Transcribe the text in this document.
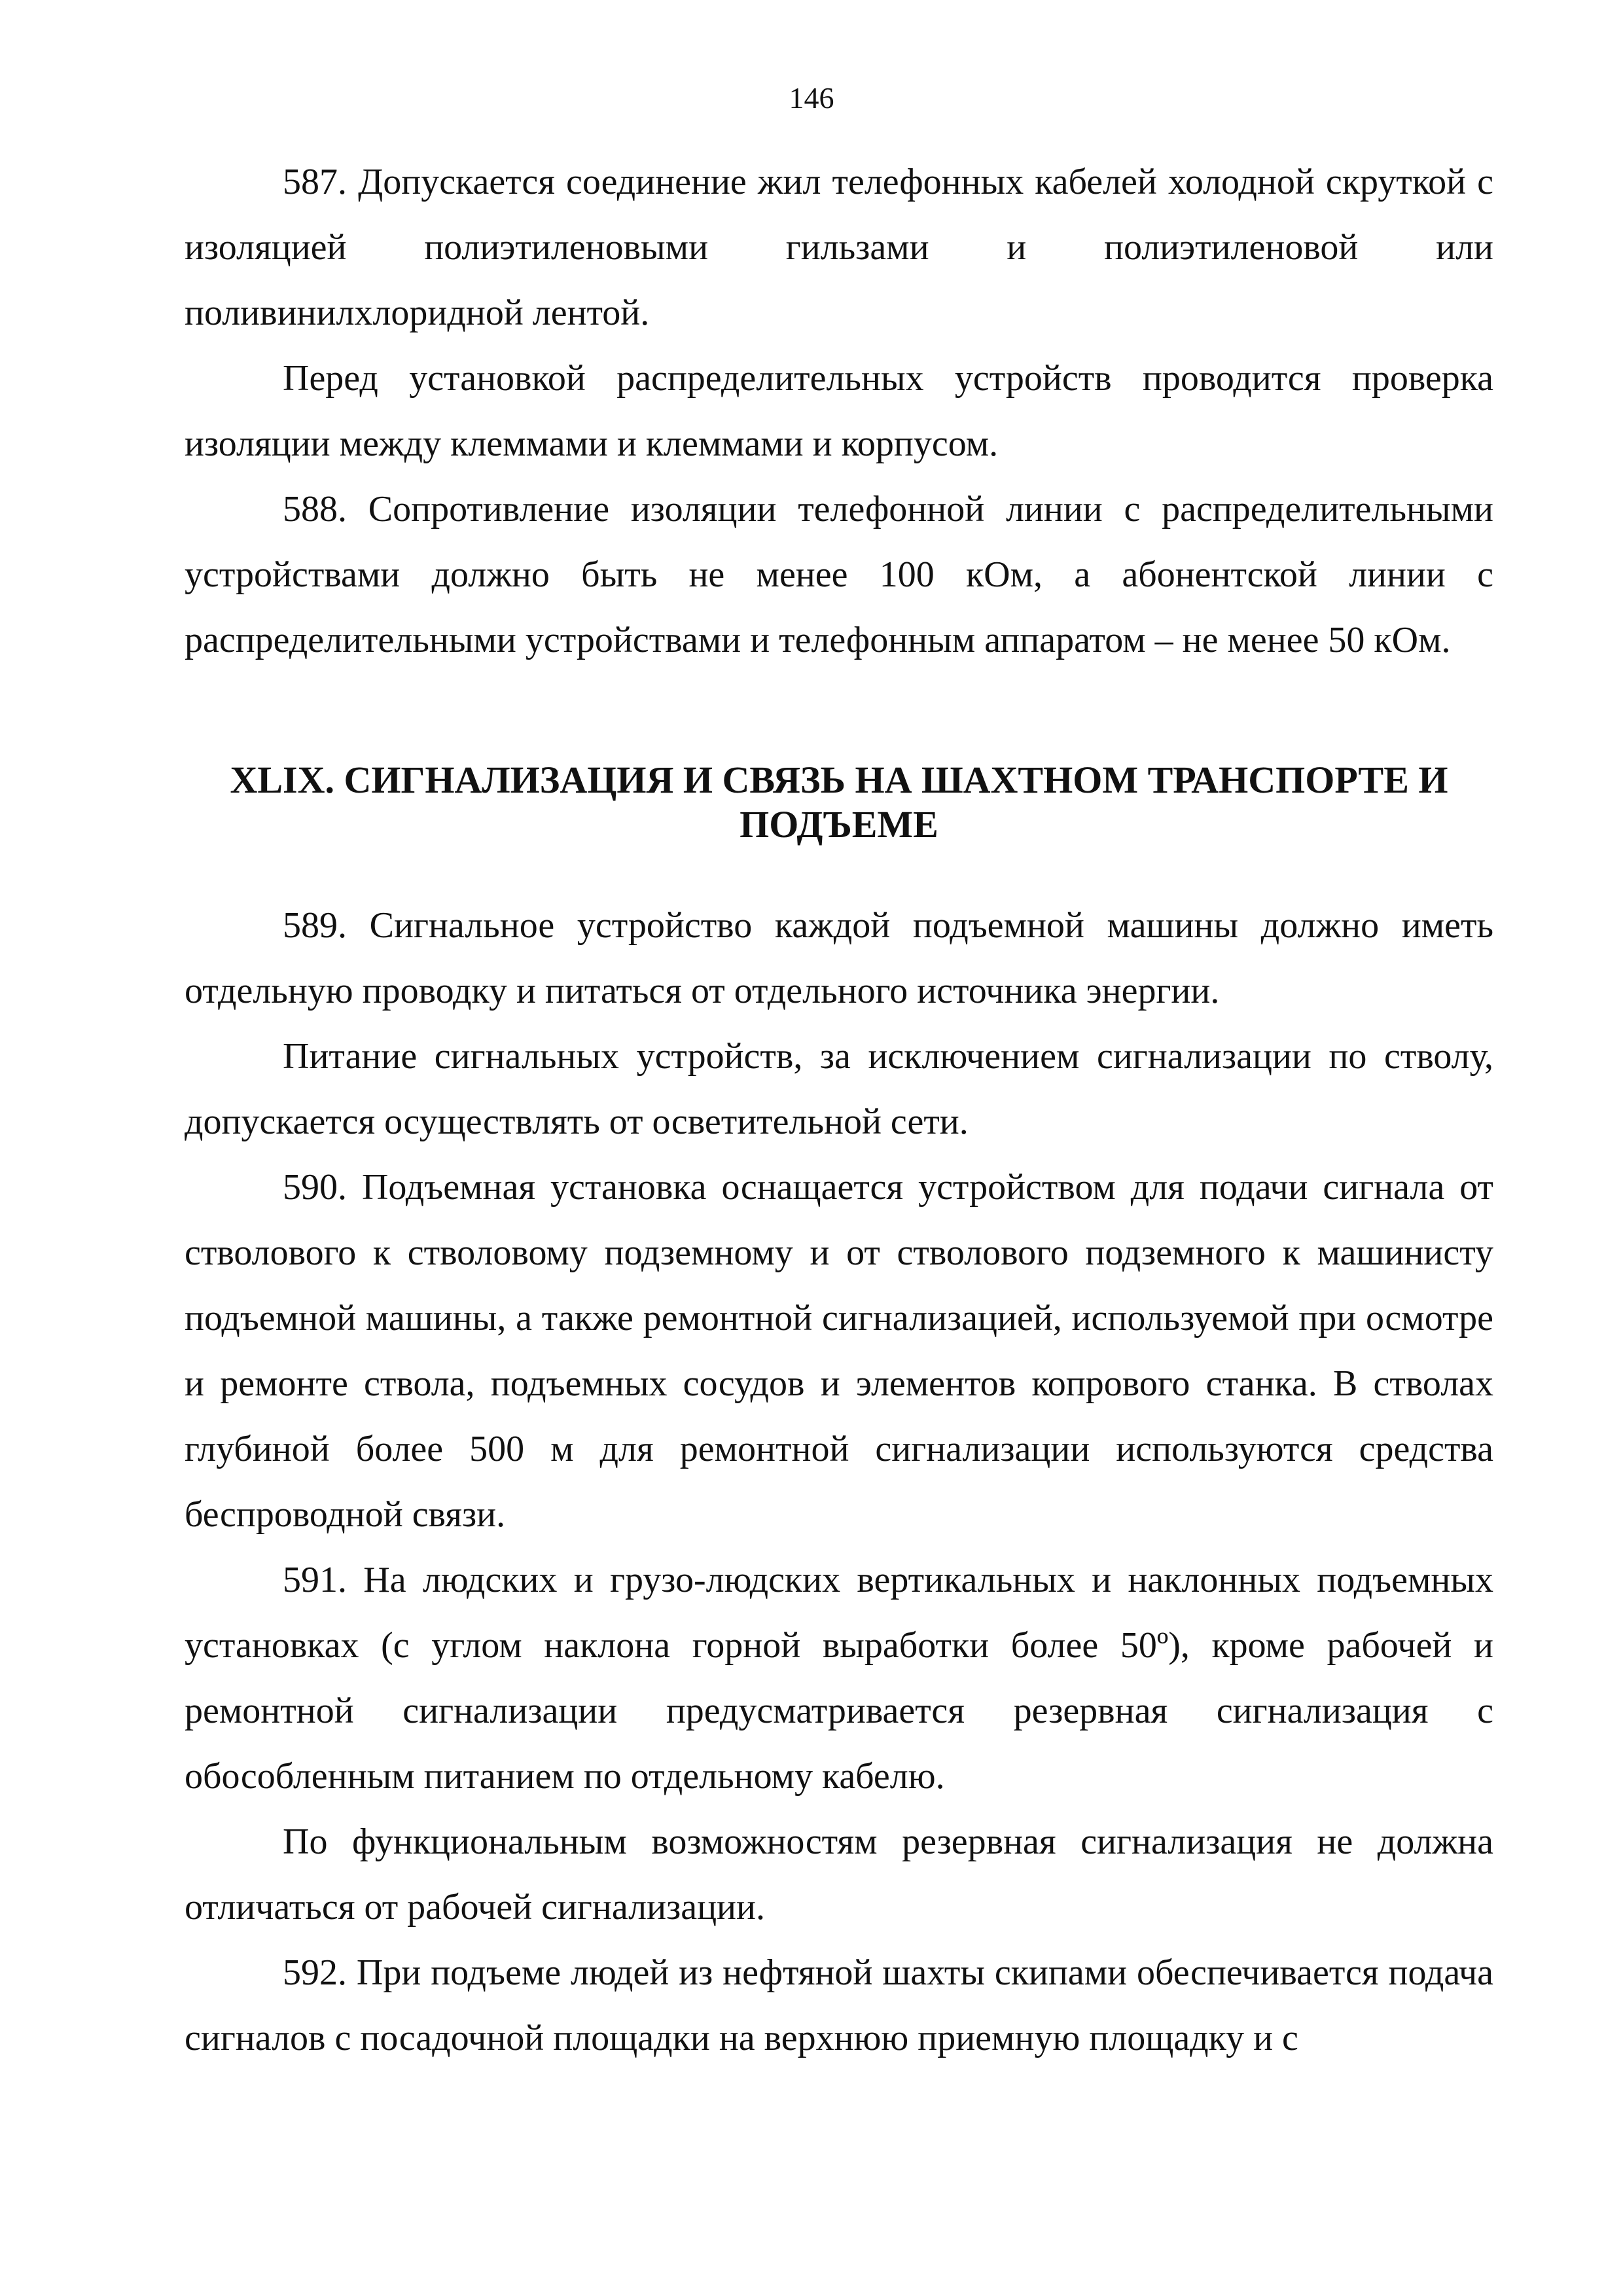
146

587. Допускается соединение жил телефонных кабелей холодной скруткой с изоляцией полиэтиленовыми гильзами и полиэтиленовой или поливинилхлоридной лентой.

Перед установкой распределительных устройств проводится проверка изоляции между клеммами и клеммами и корпусом.

588. Сопротивление изоляции телефонной линии с распределительными устройствами должно быть не менее 100 кОм, а абонентской линии с распределительными устройствами и телефонным аппаратом – не менее 50 кОм.

XLIX. СИГНАЛИЗАЦИЯ И СВЯЗЬ НА ШАХТНОМ ТРАНСПОРТЕ И
ПОДЪЕМЕ

589. Сигнальное устройство каждой подъемной машины должно иметь отдельную проводку и питаться от отдельного источника энергии.

Питание сигнальных устройств, за исключением сигнализации по стволу, допускается осуществлять от осветительной сети.

590. Подъемная установка оснащается устройством для подачи сигнала от стволового к стволовому подземному и от стволового подземного к машинисту подъемной машины, а также ремонтной сигнализацией, используемой при осмотре и ремонте ствола, подъемных сосудов и элементов копрового станка. В стволах глубиной более 500 м для ремонтной сигнализации используются средства беспроводной связи.

591. На людских и грузо-людских вертикальных и наклонных подъемных установках (с углом наклона горной выработки более 50º), кроме рабочей и ремонтной сигнализации предусматривается резервная сигнализация с обособленным питанием по отдельному кабелю.

По функциональным возможностям резервная сигнализация не должна отличаться от рабочей сигнализации.

592. При подъеме людей из нефтяной шахты скипами обеспечивается подача сигналов с посадочной площадки на верхнюю приемную площадку и с
